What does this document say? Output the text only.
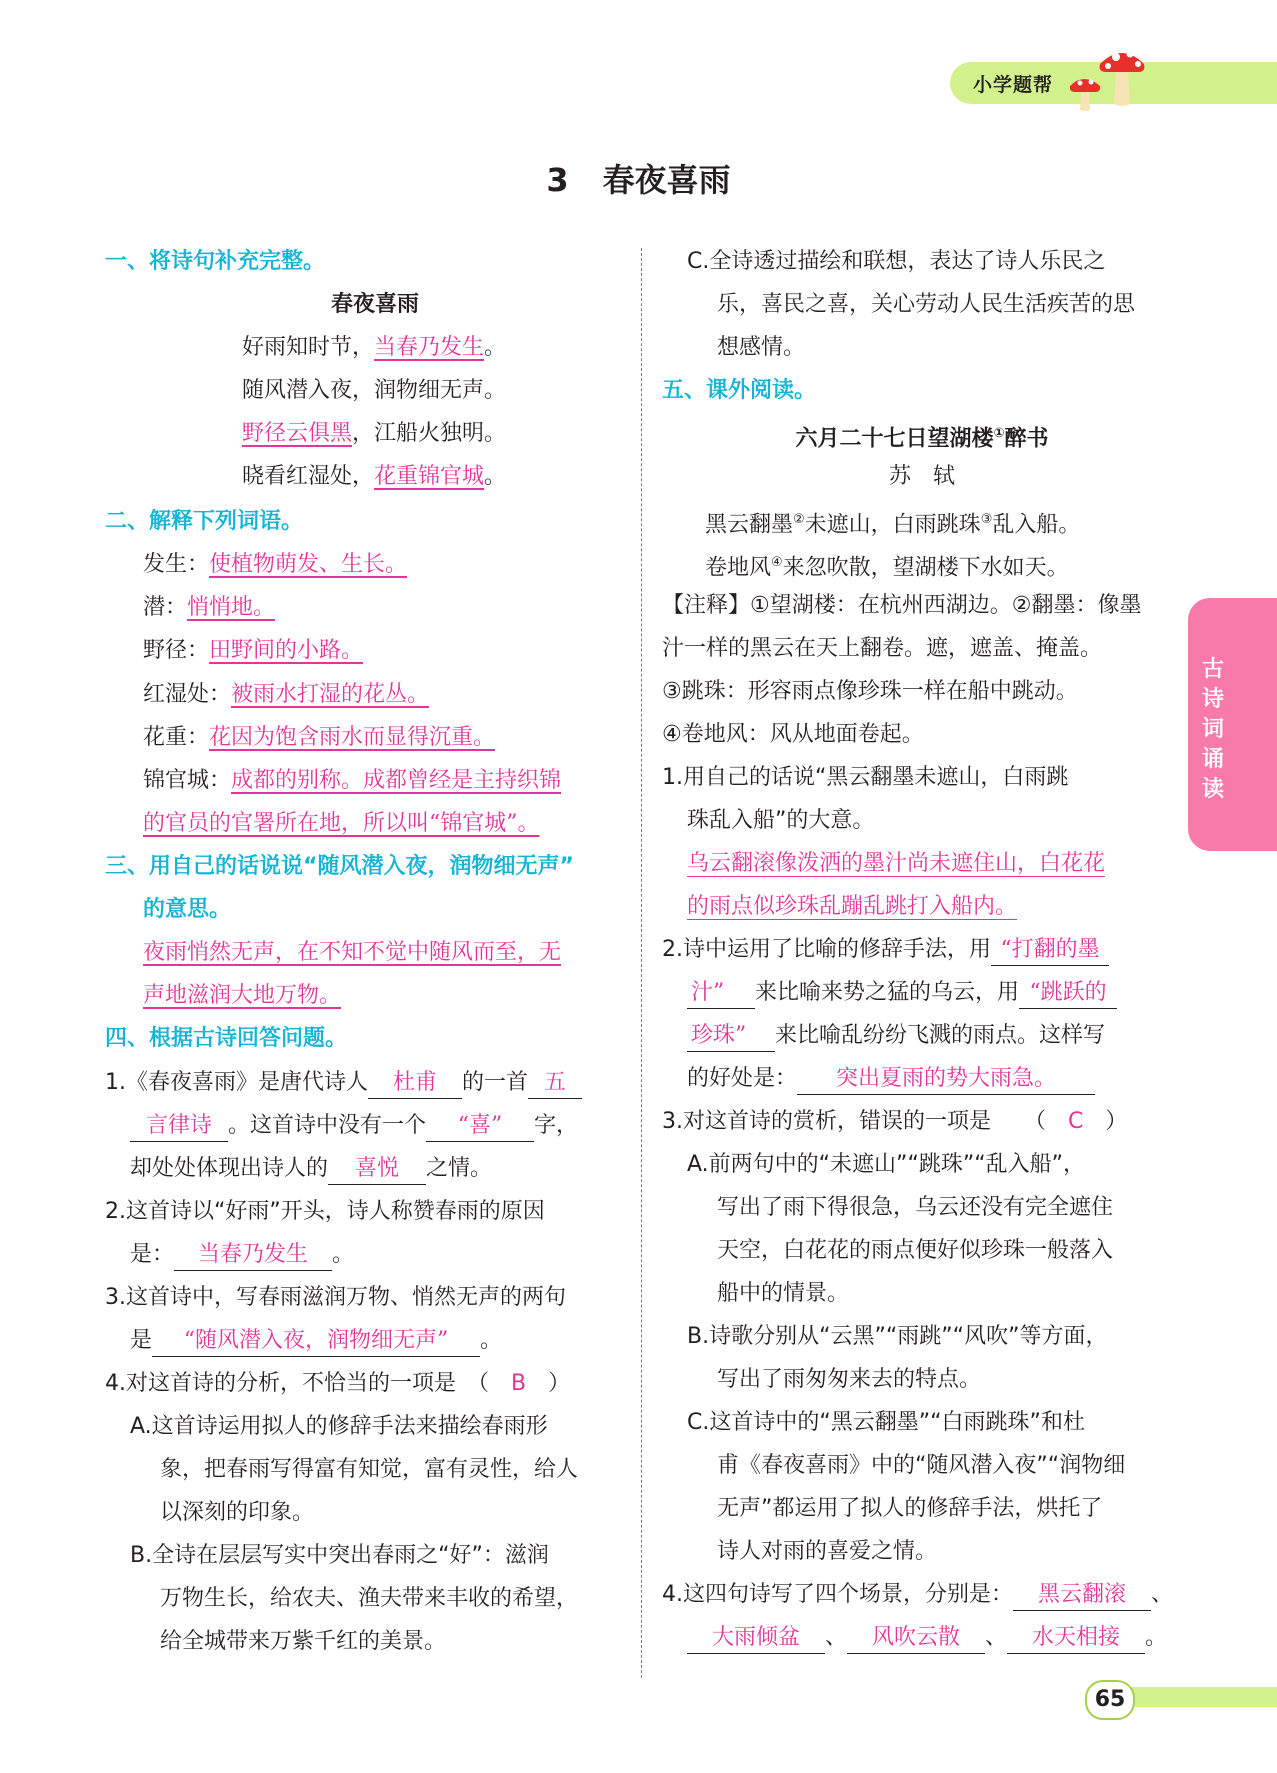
小学题帮
3 春夜喜雨
古诗词诵读
一、将诗句补充完整。
春夜喜雨
好雨知时节，当春乃发生。
随风潜入夜，润物细无声。
野径云俱黑，江船火独明。
晓看红湿处，花重锦官城。
二、解释下列词语。
发生：使植物萌发、生长。
潜：悄悄地。
野径：田野间的小路。
红湿处：被雨水打湿的花丛。
花重：花因为饱含雨水而显得沉重。
锦官城：成都的别称。成都曾经是主持织锦
的官员的官署所在地，所以叫“锦官城”。
三、用自己的话说说“随风潜入夜，润物细无声”
的意思。
夜雨悄然无声，在不知不觉中随风而至，无
声地滋润大地万物。
四、根据古诗回答问题。
1.《春夜喜雨》是唐代诗人 杜甫 的一首 五
言律诗 。这首诗中没有一个 “喜” 字，
却处处体现出诗人的 喜悦 之情。
2.这首诗以“好雨”开头，诗人称赞春雨的原因
是： 当春乃发生 。
3.这首诗中，写春雨滋润万物、悄然无声的两句
是 “随风潜入夜，润物细无声” 。
4.对这首诗的分析，不恰当的一项是　（ B ）
A.这首诗运用拟人的修辞手法来描绘春雨形
象，把春雨写得富有知觉，富有灵性，给人
以深刻的印象。
B.全诗在层层写实中突出春雨之“好”：滋润
万物生长，给农夫、渔夫带来丰收的希望，
给全城带来万紫千红的美景。
C.全诗透过描绘和联想，表达了诗人乐民之
乐，喜民之喜，关心劳动人民生活疾苦的思
想感情。
五、课外阅读。
六月二十七日望湖楼①醉书
苏　轼
黑云翻墨②未遮山，白雨跳珠③乱入船。
卷地风④来忽吹散，望湖楼下水如天。
【注释】①望湖楼：在杭州西湖边。②翻墨：像墨
汁一样的黑云在天上翻卷。遮，遮盖、掩盖。
③跳珠：形容雨点像珍珠一样在船中跳动。
④卷地风：风从地面卷起。
1.用自己的话说“黑云翻墨未遮山，白雨跳
珠乱入船”的大意。
乌云翻滚像泼洒的墨汁尚未遮住山，白花花
的雨点似珍珠乱蹦乱跳打入船内。
2.诗中运用了比喻的修辞手法，用 “打翻的墨
汁” 来比喻来势之猛的乌云，用 “跳跃的
珍珠” 来比喻乱纷纷飞溅的雨点。这样写
的好处是： 突出夏雨的势大雨急。
3.对这首诗的赏析，错误的一项是　　（ C ）
A.前两句中的“未遮山”“跳珠”“乱入船”，
写出了雨下得很急，乌云还没有完全遮住
天空，白花花的雨点便好似珍珠一般落入
船中的情景。
B.诗歌分别从“云黑”“雨跳”“风吹”等方面，
写出了雨匆匆来去的特点。
C.这首诗中的“黑云翻墨”“白雨跳珠”和杜
甫《春夜喜雨》中的“随风潜入夜”“润物细
无声”都运用了拟人的修辞手法，烘托了
诗人对雨的喜爱之情。
4.这四句诗写了四个场景，分别是： 黑云翻滚 、
大雨倾盆 、 风吹云散 、 水天相接 。
65
